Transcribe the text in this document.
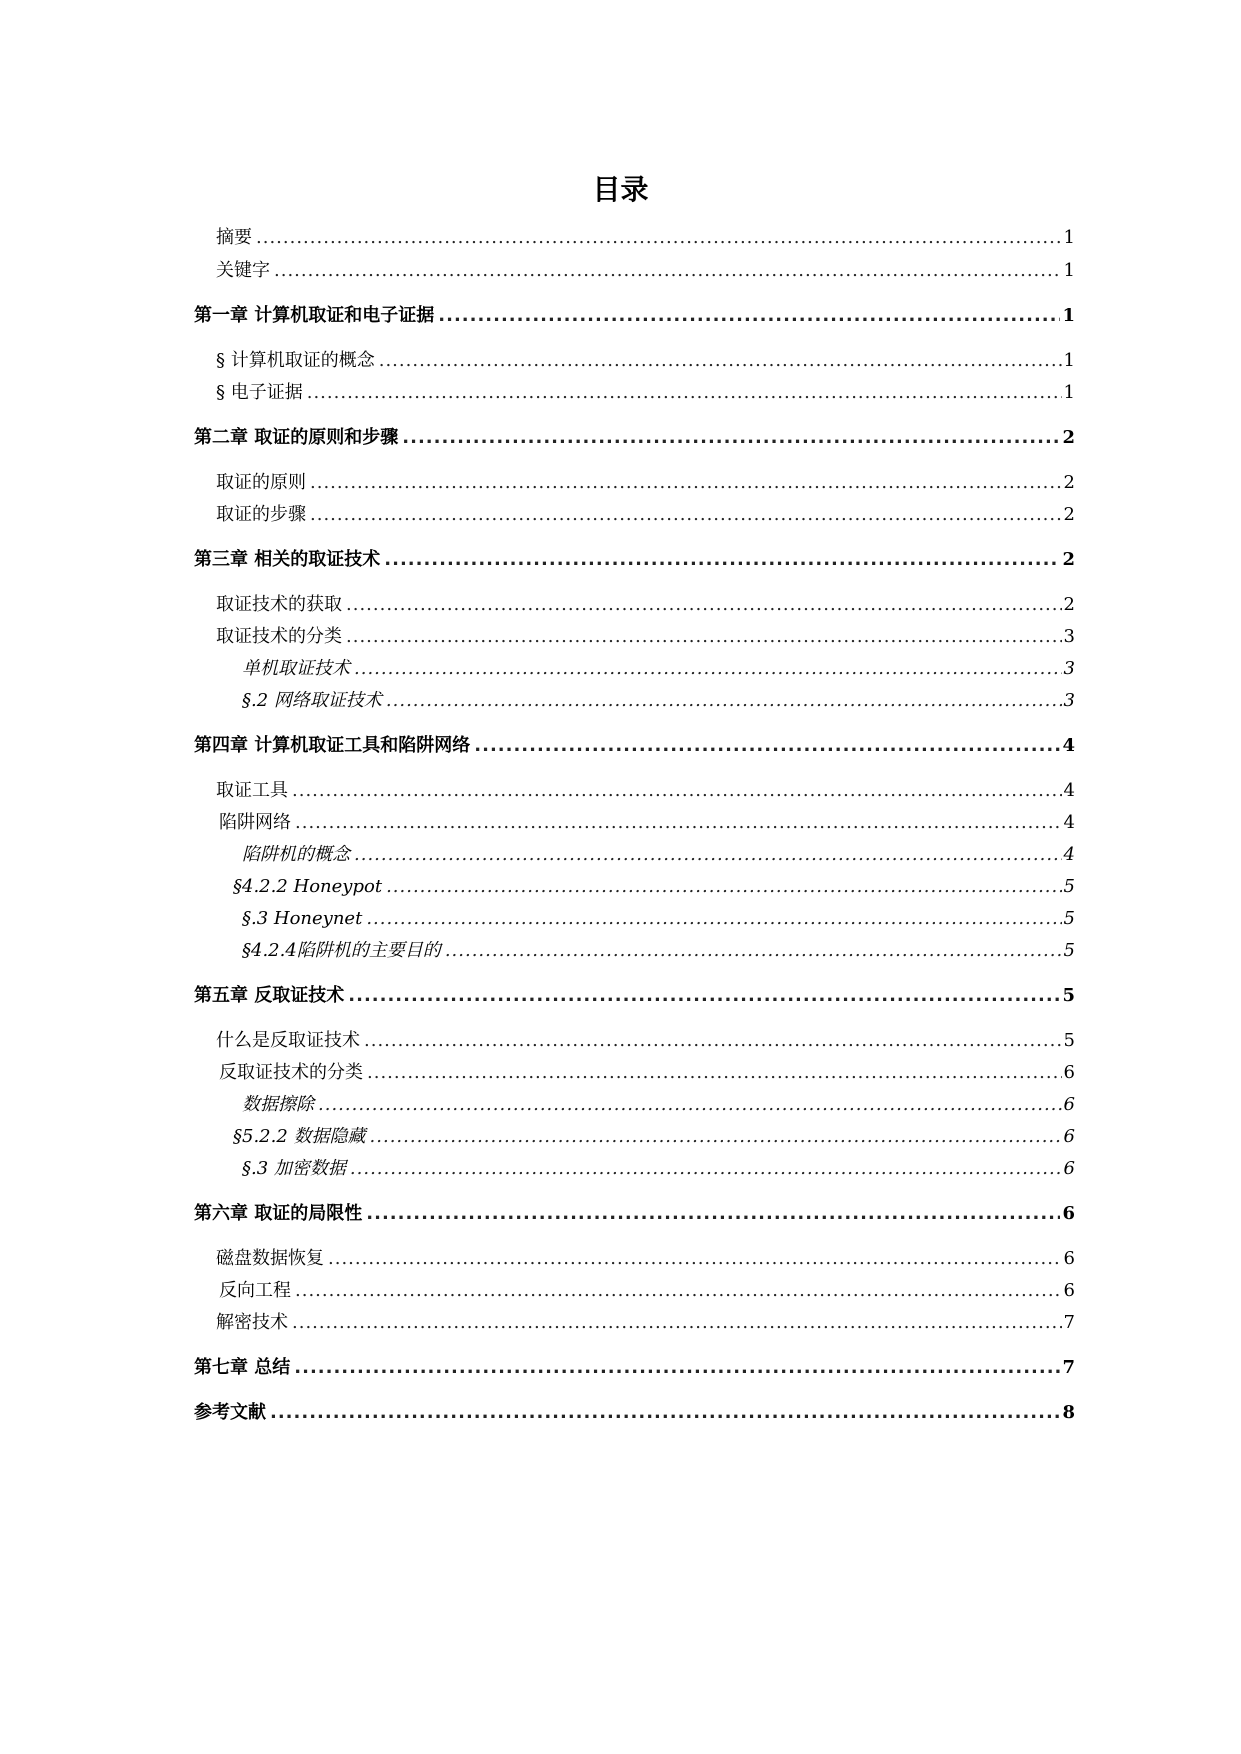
目录
摘要 .....	1
关键字 .....	1
第一章 计算机取证和电子证据 .....	1
§ 计算机取证的概念 .....	1
§ 电子证据 .....	1
第二章 取证的原则和步骤 .....	2
取证的原则 .....	2
取证的步骤 .....	2
第三章 相关的取证技术 .....	2
取证技术的获取 .....	2
取证技术的分类 .....	3
单机取证技术 .....	3
§.2 网络取证技术 .....	3
第四章 计算机取证工具和陷阱网络 .....	4
取证工具 .....	4
陷阱网络 .....	4
陷阱机的概念 .....	4
§4.2.2 Honeypot .....	5
§.3 Honeynet .....	5
§4.2.4陷阱机的主要目的 .....	5
第五章 反取证技术 .....	5
什么是反取证技术 .....	5
反取证技术的分类 .....	6
数据擦除 .....	6
§5.2.2 数据隐藏 .....	6
§.3 加密数据 .....	6
第六章 取证的局限性 .....	6
磁盘数据恢复 .....	6
反向工程 .....	6
解密技术 .....	7
第七章 总结 .....	7
参考文献 .....	8
